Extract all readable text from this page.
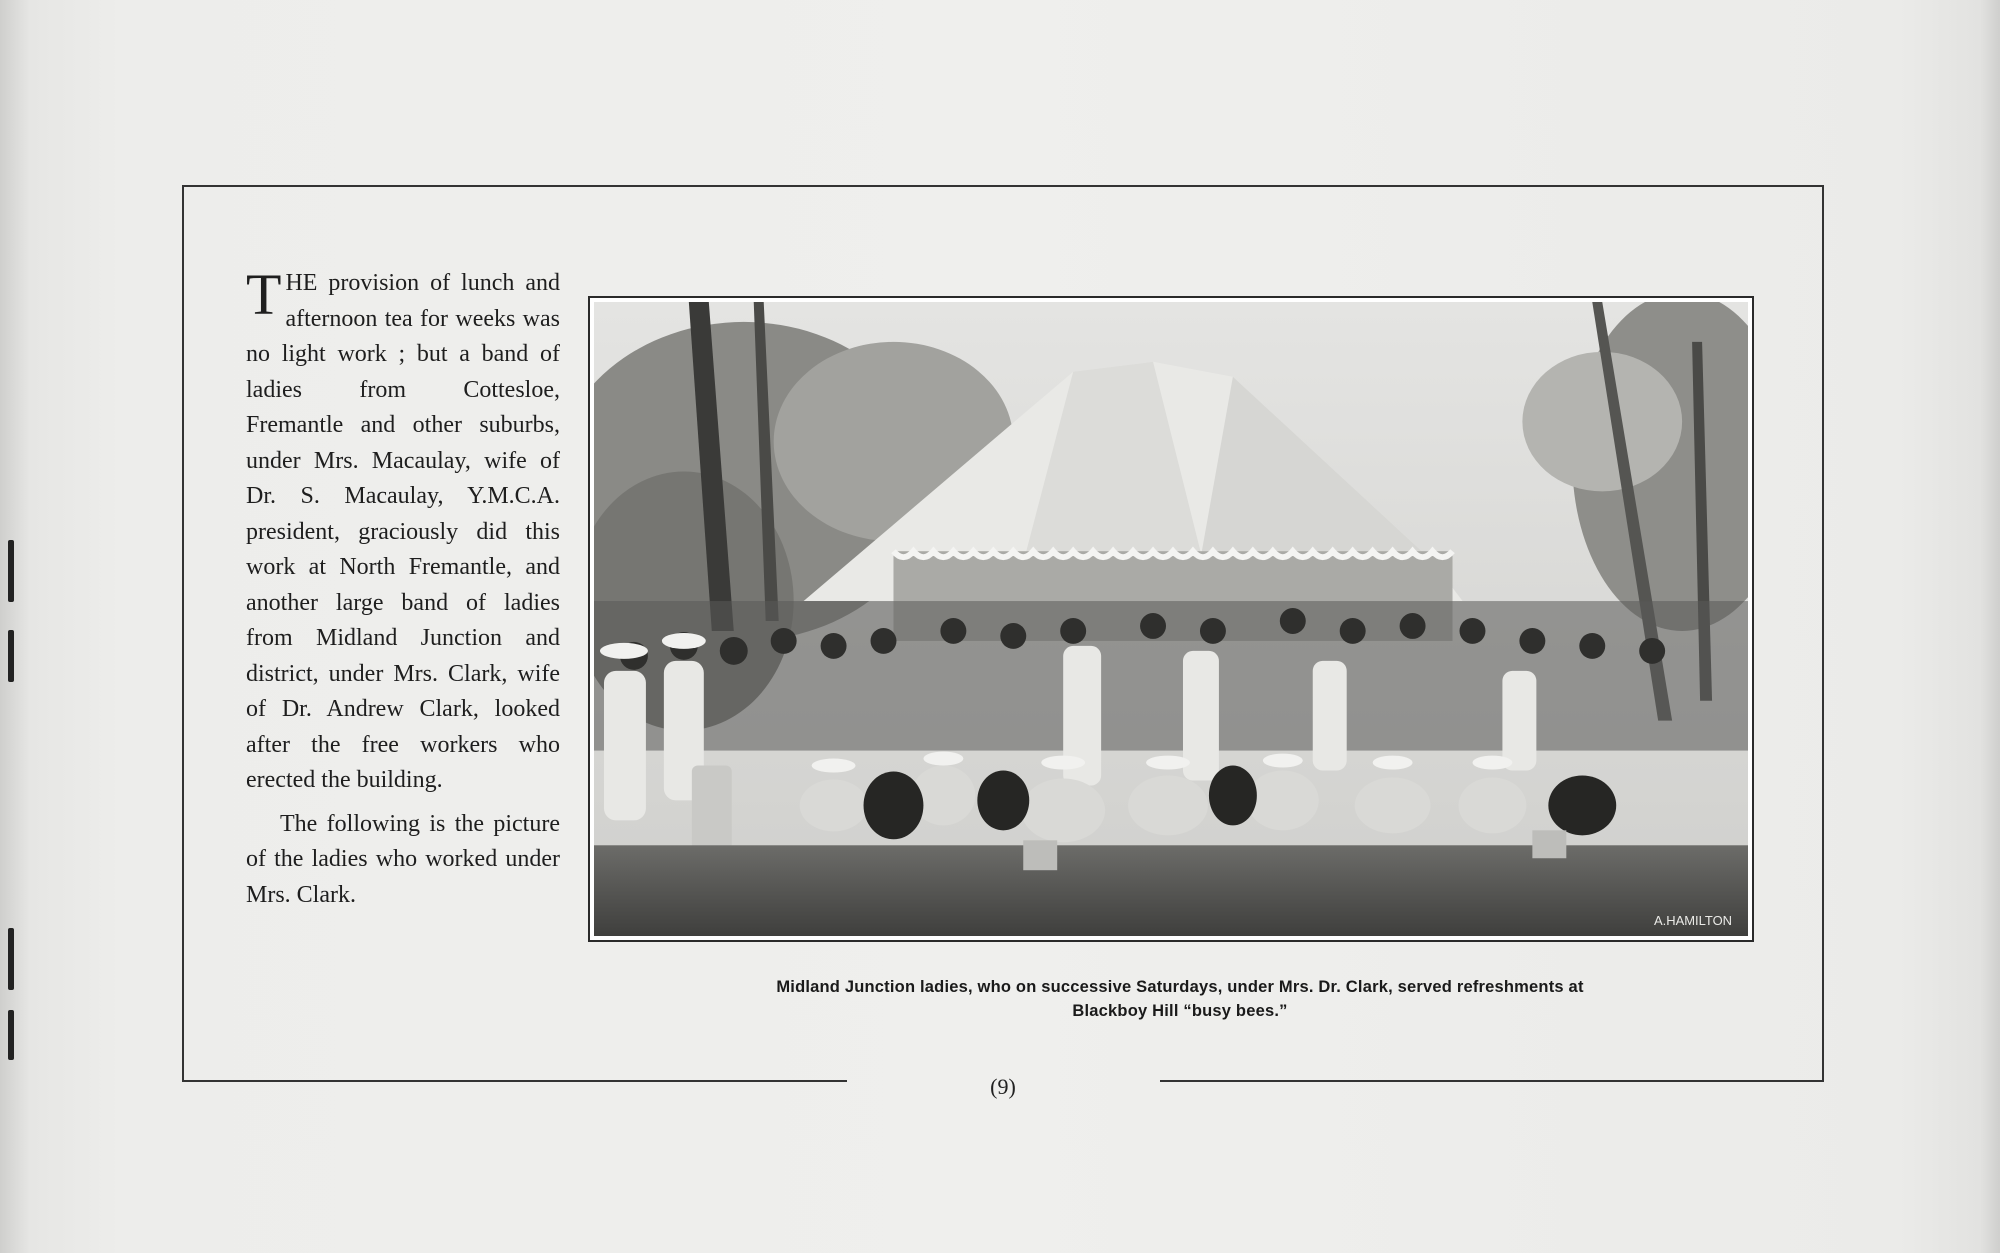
THE provision of lunch and afternoon tea for weeks was no light work ; but a band of ladies from Cottesloe, Fremantle and other suburbs, under Mrs. Macaulay, wife of Dr. S. Macaulay, Y.M.C.A. president, graciously did this work at North Fremantle, and another large band of ladies from Midland Junction and district, under Mrs. Clark, wife of Dr. Andrew Clark, looked after the free workers who erected the building.

The following is the picture of the ladies who worked under Mrs. Clark.

A.HAMILTON
Midland Junction ladies, who on successive Saturdays, under Mrs. Dr. Clark, served refreshments at
Blackboy Hill “busy bees.”
(9)
